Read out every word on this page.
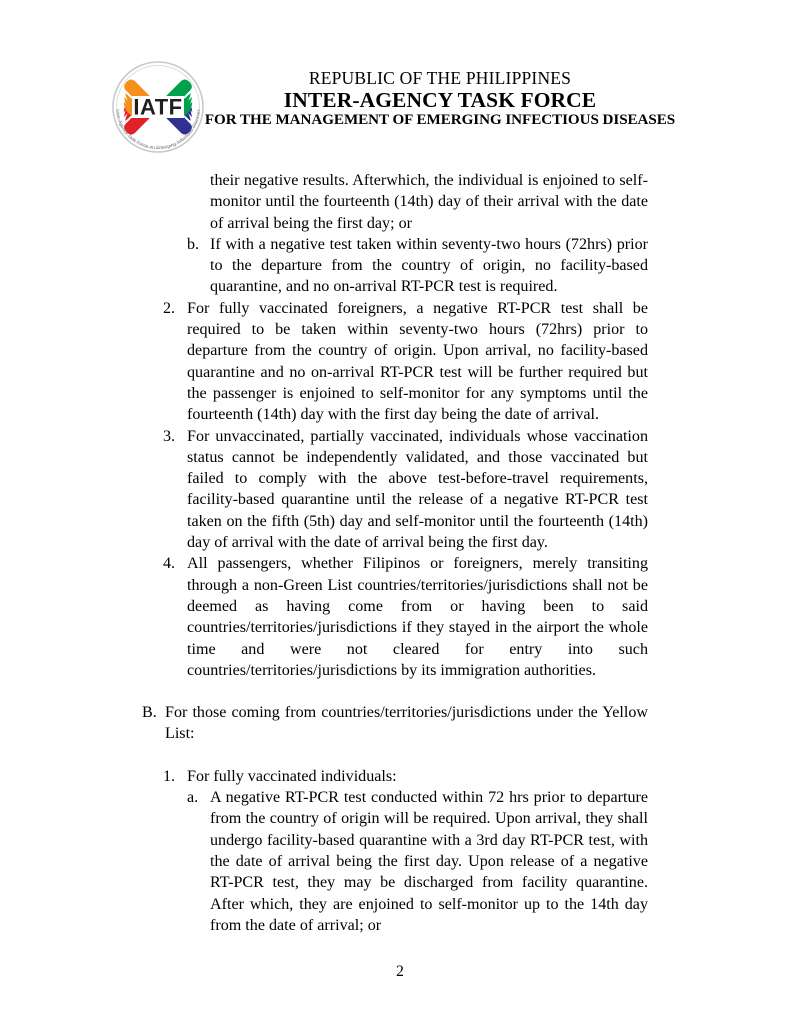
IATF
Inter-Agency Task Force on Emerging Infectious Diseases
REPUBLIC OF THE PHILIPPINES
INTER-AGENCY TASK FORCE
FOR THE MANAGEMENT OF EMERGING INFECTIOUS DISEASES

their negative results. Afterwhich, the individual is enjoined to self-monitor until the fourteenth (14th) day of their arrival with the date of arrival being the first day; or

b. If with a negative test taken within seventy-two hours (72hrs) prior to the departure from the country of origin, no facility-based quarantine, and no on-arrival RT-PCR test is required.
2. For fully vaccinated foreigners, a negative RT-PCR test shall be required to be taken within seventy-two hours (72hrs) prior to departure from the country of origin. Upon arrival, no facility-based quarantine and no on-arrival RT-PCR test will be further required but the passenger is enjoined to self-monitor for any symptoms until the fourteenth (14th) day with the first day being the date of arrival.
3. For unvaccinated, partially vaccinated, individuals whose vaccination status cannot be independently validated, and those vaccinated but failed to comply with the above test-before-travel requirements, facility-based quarantine until the release of a negative RT-PCR test taken on the fifth (5th) day and self-monitor until the fourteenth (14th) day of arrival with the date of arrival being the first day.
4. All passengers, whether Filipinos or foreigners, merely transiting through a non-Green List countries/territories/jurisdictions shall not be deemed as having come from or having been to said countries/territories/jurisdictions if they stayed in the airport the whole time and were not cleared for entry into such countries/territories/jurisdictions by its immigration authorities.
B. For those coming from countries/territories/jurisdictions under the Yellow List:
1. For fully vaccinated individuals:
a. A negative RT-PCR test conducted within 72 hrs prior to departure from the country of origin will be required. Upon arrival, they shall undergo facility-based quarantine with a 3rd day RT-PCR test, with the date of arrival being the first day. Upon release of a negative RT-PCR test, they may be discharged from facility quarantine. After which, they are enjoined to self-monitor up to the 14th day from the date of arrival; or
2
